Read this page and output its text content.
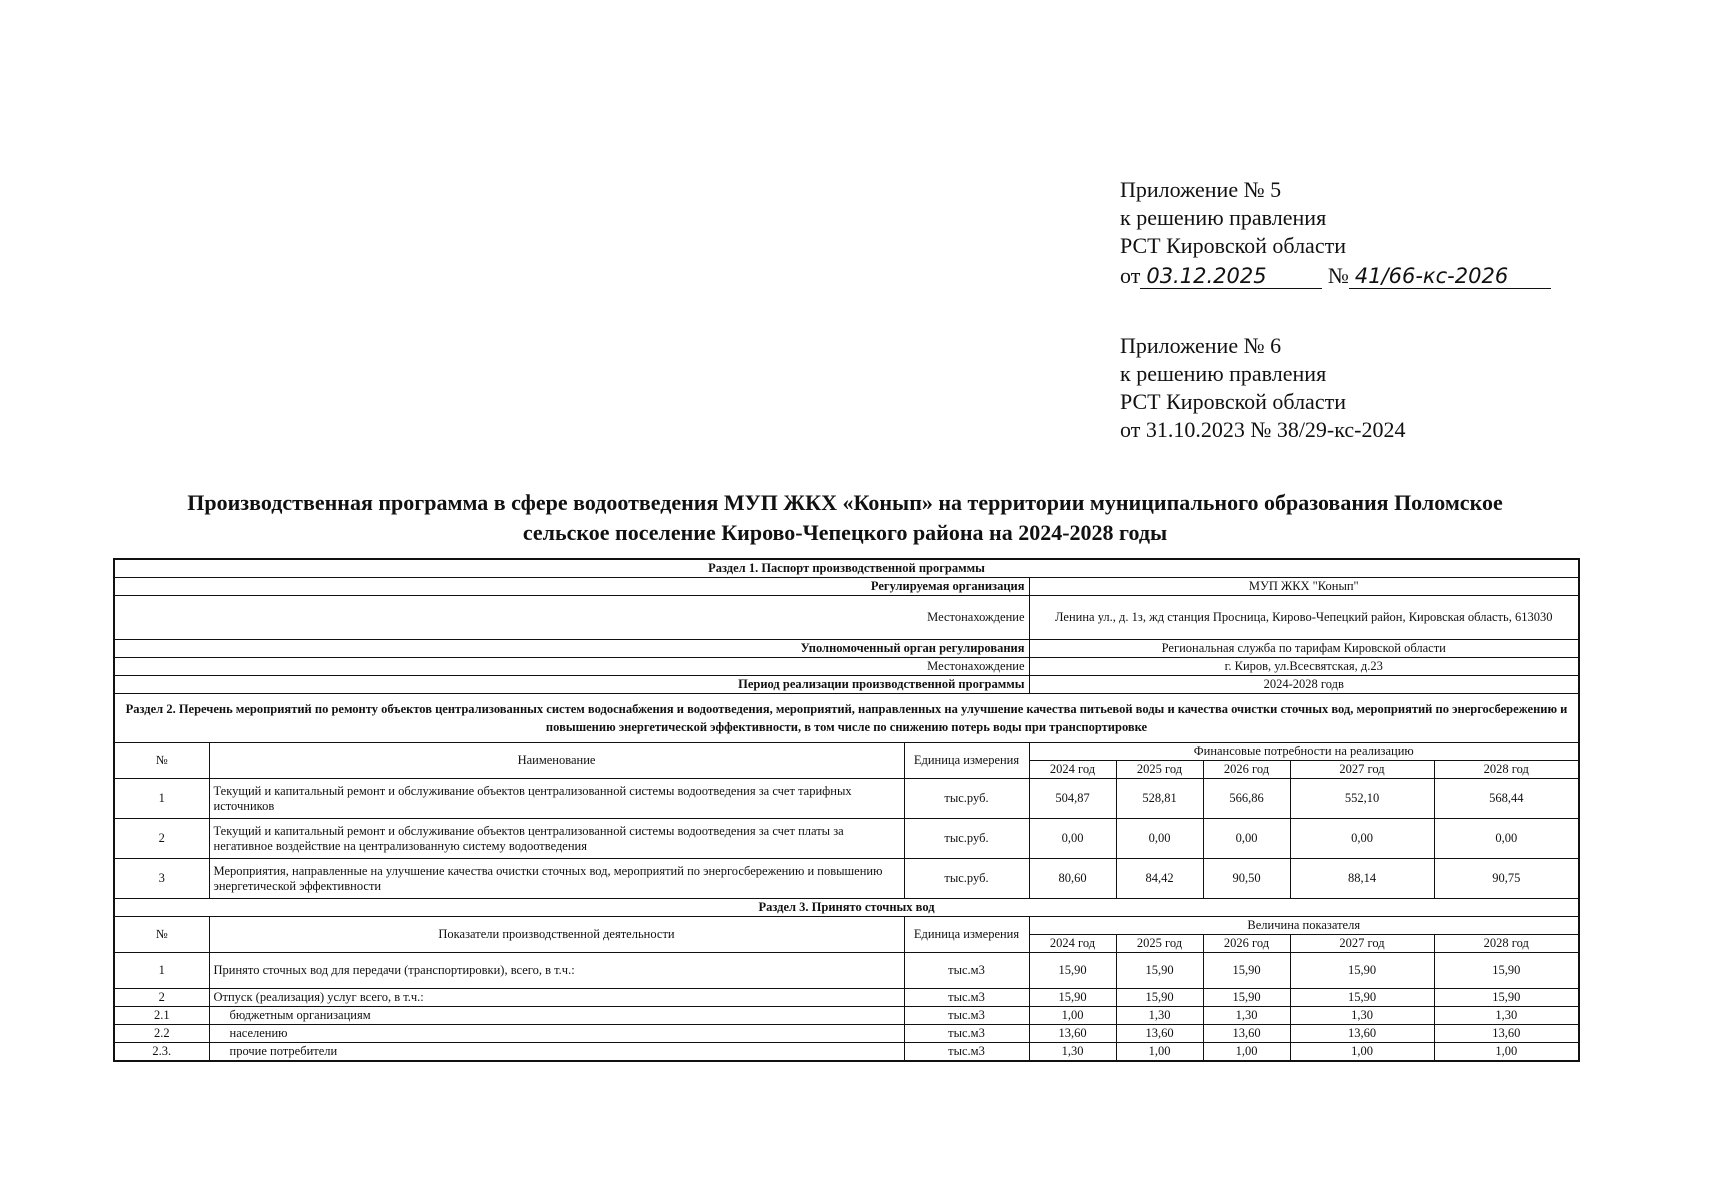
Приложение № 5
к решению правления
РСТ Кировской области
от 03.12.2025	№ 41/66-кс-2026
Приложение № 6
к решению правления
РСТ Кировской области
от 31.10.2023 № 38/29-кс-2024
Производственная программа в сфере водоотведения МУП ЖКХ «Конып» на территории муниципального образования Поломское
сельское поселение Кирово-Чепецкого района на 2024-2028 годы
Раздел 1. Паспорт производственной программы							
Регулируемая организация			МУП ЖКХ "Конып"				
Местонахождение			Ленина ул., д. 1з, жд станция Просница, Кирово-Чепецкий район, Кировская область, 613030				
Уполномоченный орган регулирования			Региональная служба по тарифам Кировской области				
Местонахождение			г. Киров, ул.Всесвятская, д.23				
Период реализации производственной программы			2024-2028 годв				
Раздел 2. Перечень мероприятий по ремонту объектов централизованных систем водоснабжения и водоотведения, мероприятий, направленных на улучшение качества питьевой воды и качества очистки сточных вод, мероприятий по энергосбережению и повышению энергетической эффективности, в том числе по снижению потерь воды при транспортировке							
№	Наименование	Единица измерения	Финансовые потребности на реализацию				
			2024 год	2025 год	2026 год	2027 год	2028 год
1	Текущий и капитальный ремонт и обслуживание объектов централизованной системы водоотведения за счет тарифных источников	тыс.руб.	504,87	528,81	566,86	552,10	568,44
2	Текущий и капитальный ремонт и обслуживание объектов централизованной системы водоотведения за счет платы за негативное воздействие на централизованную систему водоотведения	тыс.руб.	0,00	0,00	0,00	0,00	0,00
3	Мероприятия, направленные на улучшение качества очистки сточных вод, мероприятий по энергосбережению и повышению энергетической эффективности	тыс.руб.	80,60	84,42	90,50	88,14	90,75
Раздел 3. Принято сточных вод							
№	Показатели производственной деятельности	Единица измерения	Величина показателя				
			2024 год	2025 год	2026 год	2027 год	2028 год
1	Принято сточных вод для передачи (транспортировки), всего, в т.ч.:	тыс.м3	15,90	15,90	15,90	15,90	15,90
2	Отпуск (реализация) услуг всего, в т.ч.:	тыс.м3	15,90	15,90	15,90	15,90	15,90
2.1	бюджетным организациям	тыс.м3	1,00	1,30	1,30	1,30	1,30
2.2	населению	тыс.м3	13,60	13,60	13,60	13,60	13,60
2.3.	прочие потребители	тыс.м3	1,30	1,00	1,00	1,00	1,00
